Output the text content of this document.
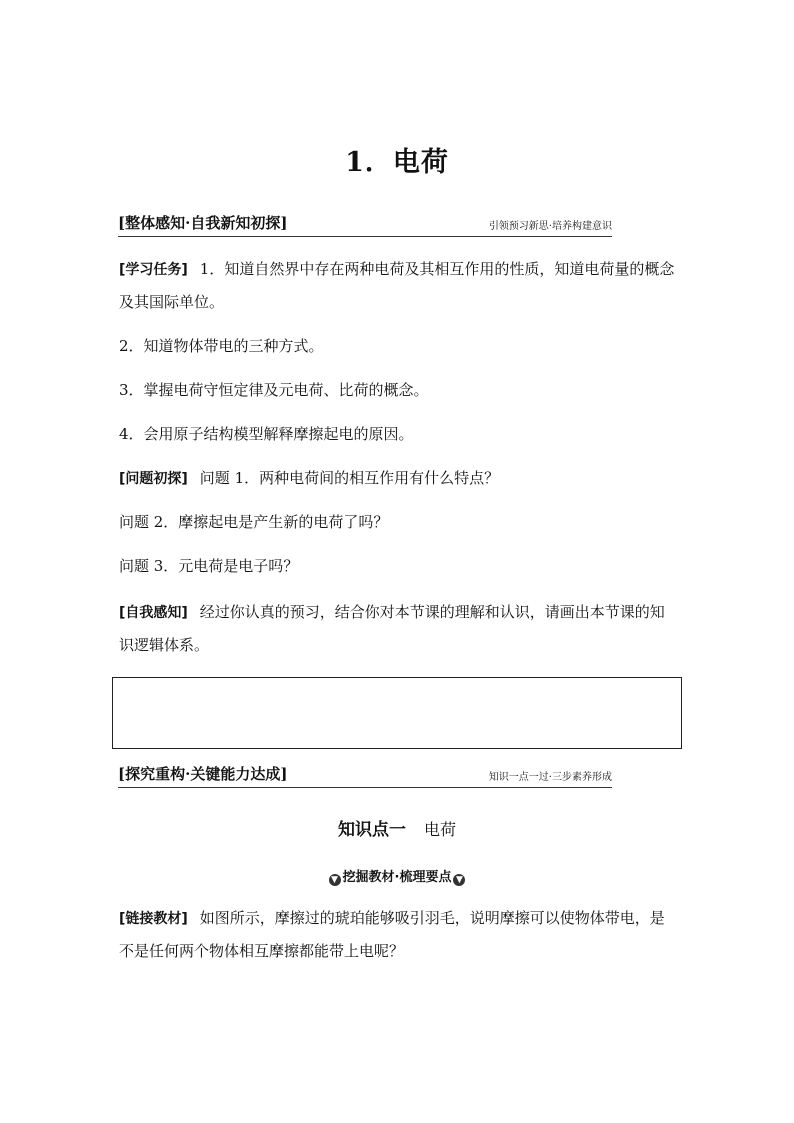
1．电荷
[整体感知·自我新知初探]	引领预习新思·培养构建意识
[学习任务] 1．知道自然界中存在两种电荷及其相互作用的性质，知道电荷量的概念及其国际单位。
2．知道物体带电的三种方式。
3．掌握电荷守恒定律及元电荷、比荷的概念。
4．会用原子结构模型解释摩擦起电的原因。
[问题初探] 问题 1．两种电荷间的相互作用有什么特点？
问题 2．摩擦起电是产生新的电荷了吗？
问题 3．元电荷是电子吗？
[自我感知] 经过你认真的预习，结合你对本节课的理解和认识，请画出本节课的知识逻辑体系。
[探究重构·关键能力达成]	知识一点一过·三步素养形成
知识点一 电荷
▼ 挖掘教材·梳理要点 ▼
[链接教材] 如图所示，摩擦过的琥珀能够吸引羽毛，说明摩擦可以使物体带电，是不是任何两个物体相互摩擦都能带上电呢？
